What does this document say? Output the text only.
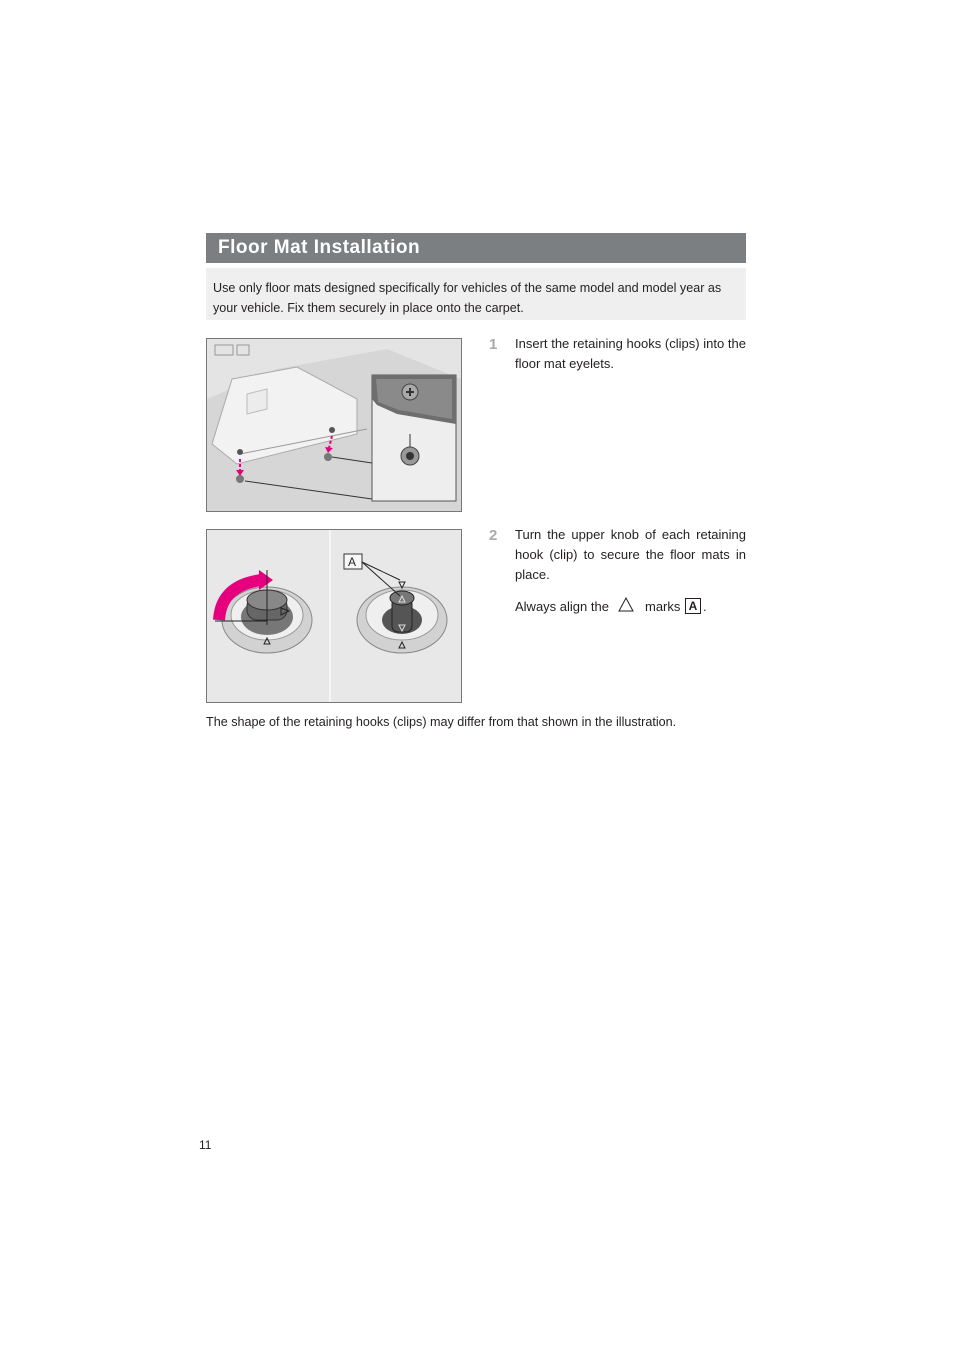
Floor Mat Installation
Use only floor mats designed specifically for vehicles of the same model and model year as your vehicle. Fix them securely in place onto the carpet.
1 Insert the retaining hooks (clips) into the floor mat eyelets.
A
2 Turn the upper knob of each retaining hook (clip) to secure the floor mats in place.
Always align the	marks A .
The shape of the retaining hooks (clips) may differ from that shown in the illustration.
11
